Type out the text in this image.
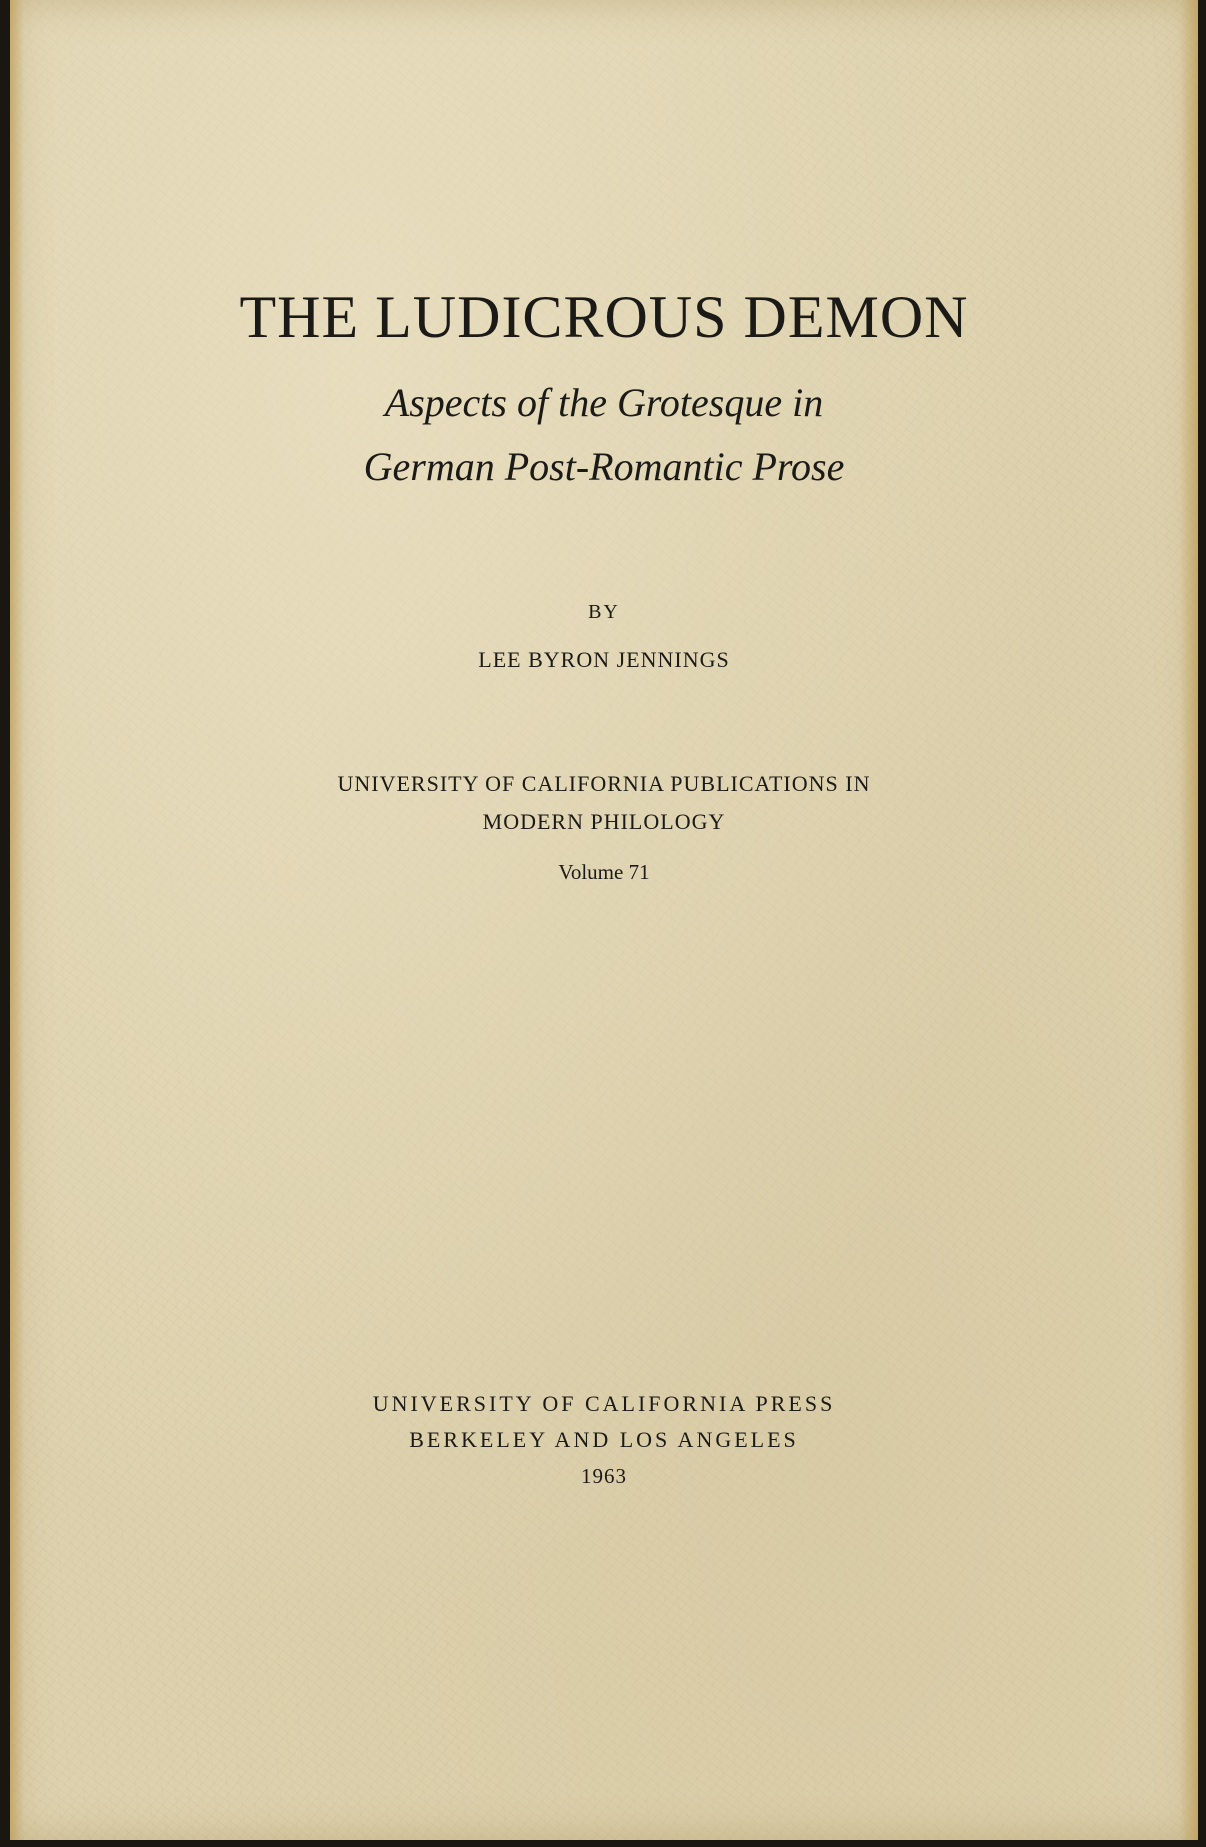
THE LUDICROUS DEMON
Aspects of the Grotesque in
German Post-Romantic Prose
BY
LEE BYRON JENNINGS
UNIVERSITY OF CALIFORNIA PUBLICATIONS IN
MODERN PHILOLOGY
Volume 71
UNIVERSITY OF CALIFORNIA PRESS
BERKELEY AND LOS ANGELES
1963
